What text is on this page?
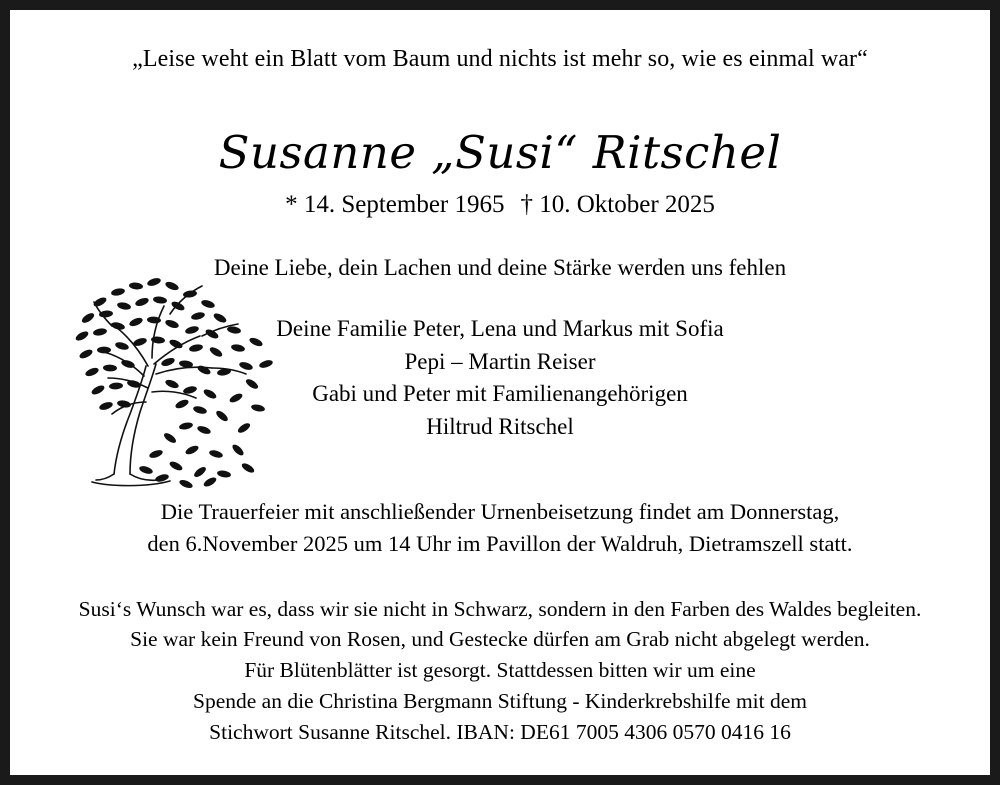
„Leise weht ein Blatt vom Baum und nichts ist mehr so, wie es einmal war“
Susanne „Susi“ Ritschel
* 14. September 1965 † 10. Oktober 2025
Deine Liebe, dein Lachen und deine Stärke werden uns fehlen
Deine Familie Peter, Lena und Markus mit Sofia
Pepi – Martin Reiser
Gabi und Peter mit Familienangehörigen
Hiltrud Ritschel
Die Trauerfeier mit anschließender Urnenbeisetzung findet am Donnerstag,
den 6.November 2025 um 14 Uhr im Pavillon der Waldruh, Dietramszell statt.
Susi‘s Wunsch war es, dass wir sie nicht in Schwarz, sondern in den Farben des Waldes begleiten.
Sie war kein Freund von Rosen, und Gestecke dürfen am Grab nicht abgelegt werden.
Für Blütenblätter ist gesorgt. Stattdessen bitten wir um eine
Spende an die Christina Bergmann Stiftung - Kinderkrebshilfe mit dem
Stichwort Susanne Ritschel. IBAN: DE61 7005 4306 0570 0416 16
